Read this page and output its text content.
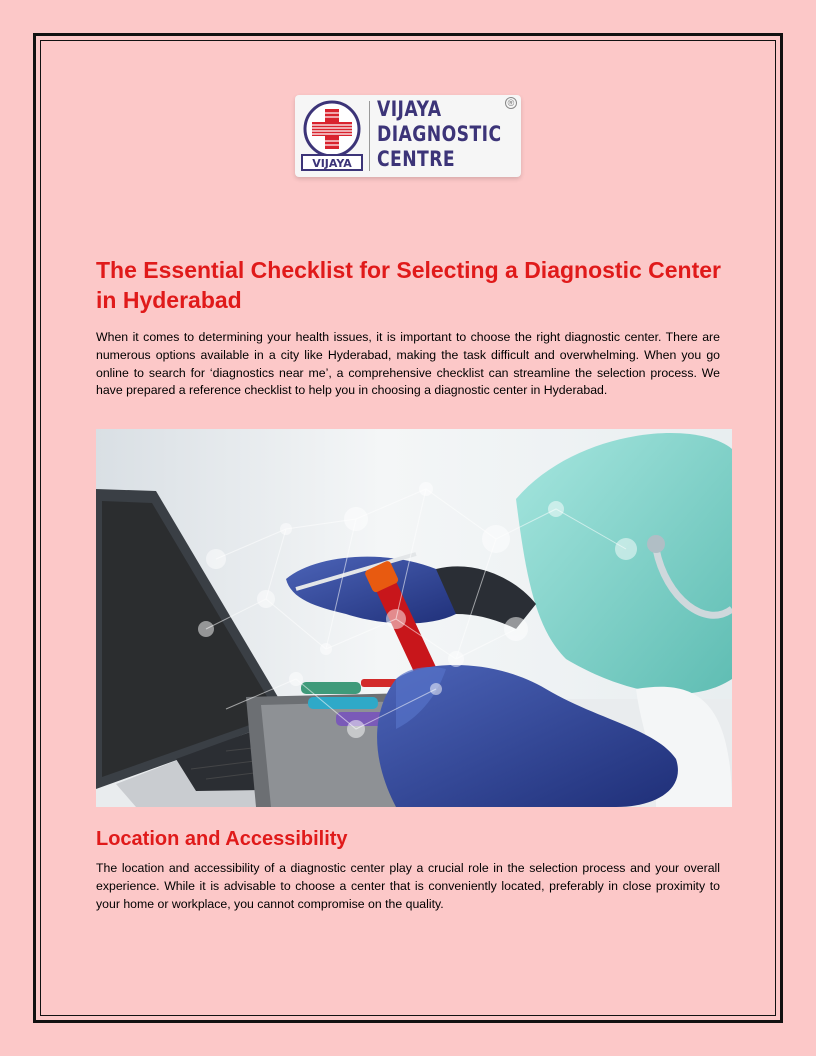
VIJAYA
VIJAYA
DIAGNOSTIC
CENTRE
®
The Essential Checklist for Selecting a Diagnostic Center in Hyderabad

When it comes to determining your health issues, it is important to choose the right diagnostic center. There are numerous options available in a city like Hyderabad, making the task difficult and overwhelming. When you go online to search for ‘diagnostics near me’, a comprehensive checklist can streamline the selection process. We have prepared a reference checklist to help you in choosing a diagnostic center in Hyderabad.

Location and Accessibility

The location and accessibility of a diagnostic center play a crucial role in the selection process and your overall experience. While it is advisable to choose a center that is conveniently located, preferably in close proximity to your home or workplace, you cannot compromise on the quality.
